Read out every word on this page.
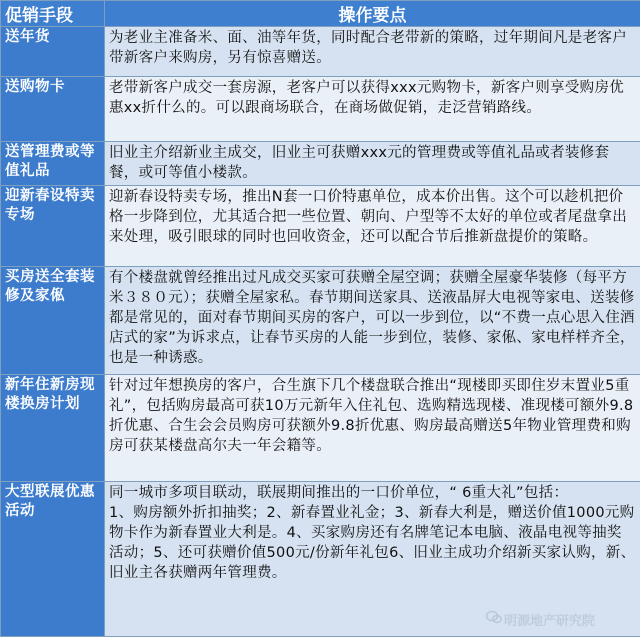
促销手段	操作要点
送年货	为老业主准备米、面、油等年货，同时配合老带新的策略，过年期间凡是老客户带新客户来购房，另有惊喜赠送。
送购物卡	老带新客户成交一套房源，老客户可以获得xxx元购物卡，新客户则享受购房优惠xx折什么的。可以跟商场联合，在商场做促销，走泛营销路线。
送管理费或等值礼品	旧业主介绍新业主成交，旧业主可获赠xxx元的管理费或等值礼品或者装修套餐，或可等值小楼款。
迎新春设特卖专场	迎新春设特卖专场，推出N套一口价特惠单位，成本价出售。这个可以趁机把价格一步降到位，尤其适合把一些位置、朝向、户型等不太好的单位或者尾盘拿出来处理，吸引眼球的同时也回收资金，还可以配合节后推新盘提价的策略。
买房送全套装修及家俬	有个楼盘就曾经推出过凡成交买家可获赠全屋空调；获赠全屋豪华装修（每平方米３８０元）；获赠全屋家私。春节期间送家具、送液晶屏大电视等家电、送装修都是常见的，面对春节期间买房的客户，可以一步到位，以“不费一点心思入住酒店式的家”为诉求点，让春节买房的人能一步到位，装修、家俬、家电样样齐全，也是一种诱惑。
新年住新房现楼换房计划	针对过年想换房的客户，合生旗下几个楼盘联合推出“现楼即买即住岁末置业5重礼”，包括购房最高可获10万元新年入住礼包、选购精选现楼、准现楼可额外9.8折优惠、合生会会员购房可获额外9.8折优惠、购房最高赠送5年物业管理费和购房可获某楼盘高尔夫一年会籍等。
大型联展优惠活动	同一城市多项目联动，联展期间推出的一口价单位，“ 6重大礼”包括：
1、购房额外折扣抽奖；2、新春置业礼金；3、新春大利是，赠送价值1000元购物卡作为新春置业大利是。4、买家购房还有名牌笔记本电脑、液晶电视等抽奖活动；5、还可获赠价值500元/份新年礼包6、旧业主成功介绍新买家认购，新、旧业主各获赠两年管理费。
明源地产研究院
